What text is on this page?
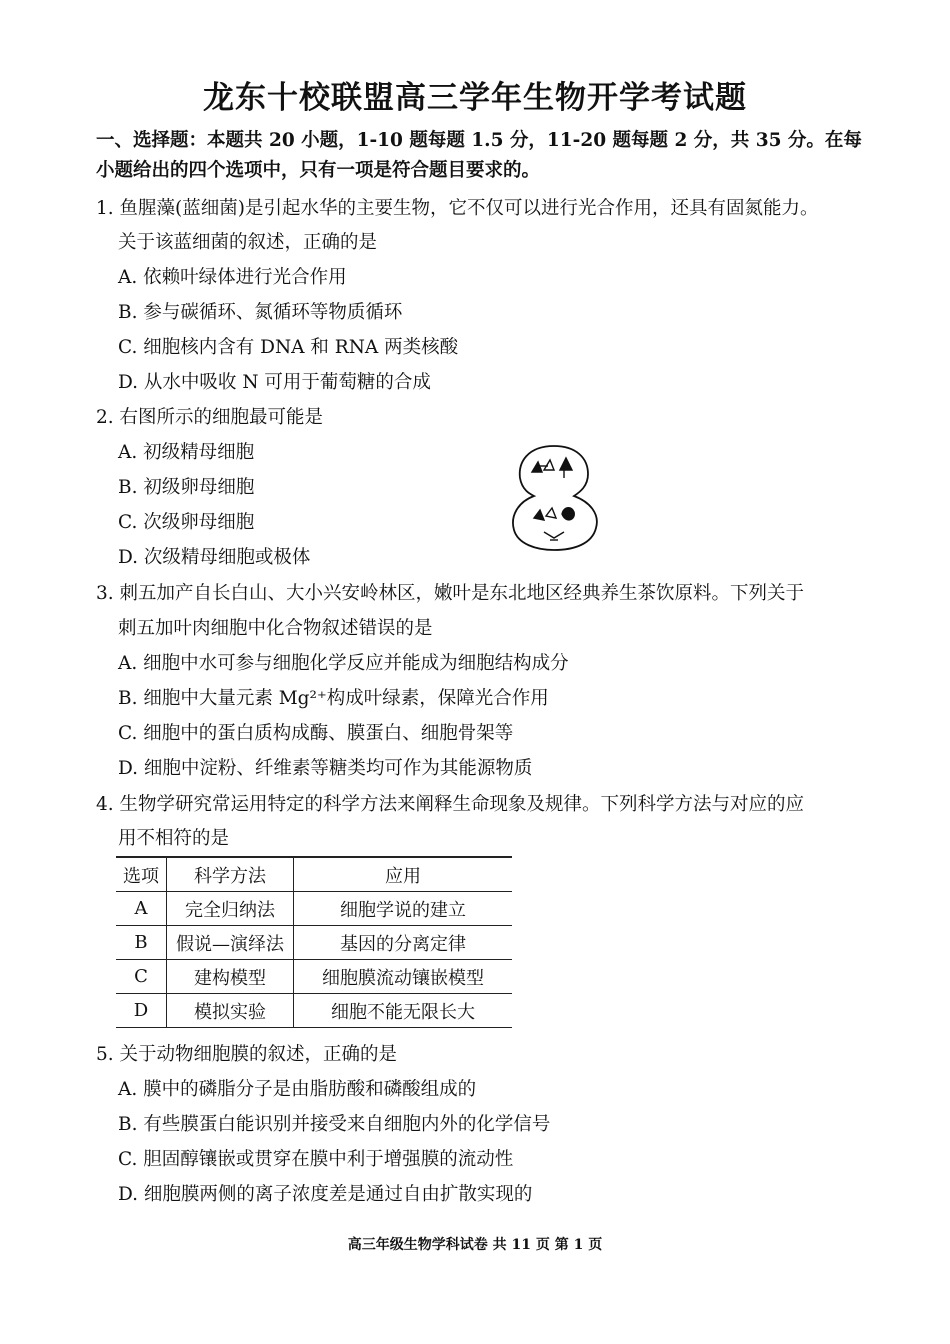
龙东十校联盟高三学年生物开学考试题
一、选择题：本题共 20 小题，1-10 题每题 1.5 分，11-20 题每题 2 分，共 35 分。在每
小题给出的四个选项中，只有一项是符合题目要求的。
1. 鱼腥藻(蓝细菌)是引起水华的主要生物，它不仅可以进行光合作用，还具有固氮能力。
关于该蓝细菌的叙述，正确的是
A. 依赖叶绿体进行光合作用
B. 参与碳循环、氮循环等物质循环
C. 细胞核内含有 DNA 和 RNA 两类核酸
D. 从水中吸收 N 可用于葡萄糖的合成
2. 右图所示的细胞最可能是
A. 初级精母细胞
B. 初级卵母细胞
C. 次级卵母细胞
D. 次级精母细胞或极体
3. 刺五加产自长白山、大小兴安岭林区，嫩叶是东北地区经典养生茶饮原料。下列关于
刺五加叶肉细胞中化合物叙述错误的是
A. 细胞中水可参与细胞化学反应并能成为细胞结构成分
B. 细胞中大量元素 Mg²⁺构成叶绿素，保障光合作用
C. 细胞中的蛋白质构成酶、膜蛋白、细胞骨架等
D. 细胞中淀粉、纤维素等糖类均可作为其能源物质
4. 生物学研究常运用特定的科学方法来阐释生命现象及规律。下列科学方法与对应的应
用不相符的是
选项	科学方法	应用
A	完全归纳法	细胞学说的建立
B	假说—演绎法	基因的分离定律
C	建构模型	细胞膜流动镶嵌模型
D	模拟实验	细胞不能无限长大
5. 关于动物细胞膜的叙述，正确的是
A. 膜中的磷脂分子是由脂肪酸和磷酸组成的
B. 有些膜蛋白能识别并接受来自细胞内外的化学信号
C. 胆固醇镶嵌或贯穿在膜中利于增强膜的流动性
D. 细胞膜两侧的离子浓度差是通过自由扩散实现的
高三年级生物学科试卷 共 11 页 第 1 页
